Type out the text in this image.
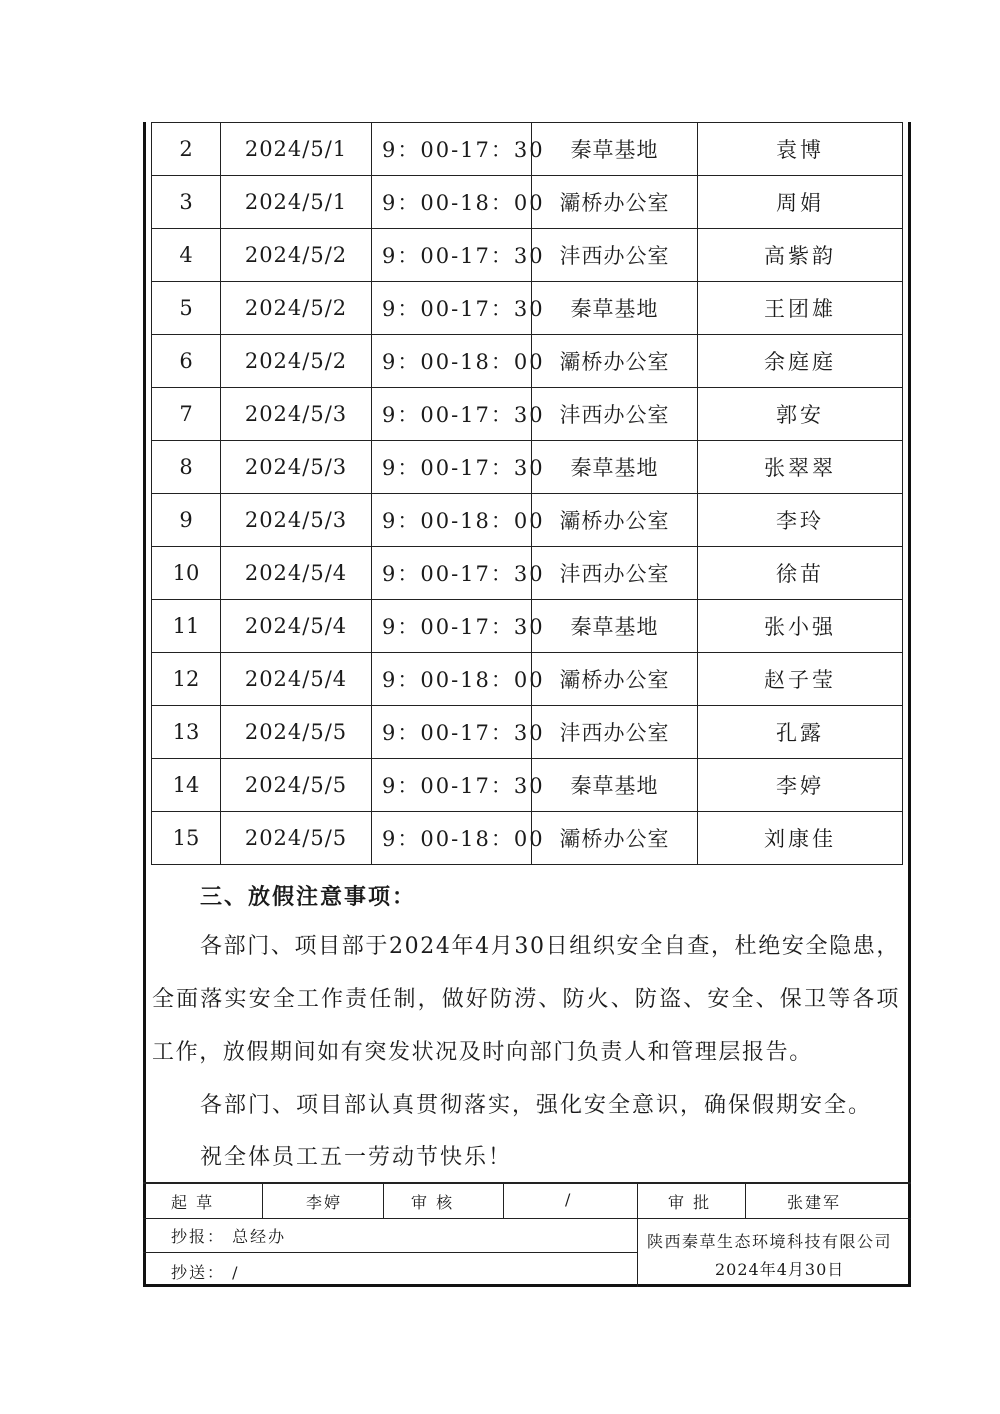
2	2024/5/1	9：00-17：30	秦草基地	袁博
3	2024/5/1	9：00-18：00	灞桥办公室	周娟
4	2024/5/2	9：00-17：30	沣西办公室	高紫韵
5	2024/5/2	9：00-17：30	秦草基地	王团雄
6	2024/5/2	9：00-18：00	灞桥办公室	余庭庭
7	2024/5/3	9：00-17：30	沣西办公室	郭安
8	2024/5/3	9：00-17：30	秦草基地	张翠翠
9	2024/5/3	9：00-18：00	灞桥办公室	李玲
10	2024/5/4	9：00-17：30	沣西办公室	徐苗
11	2024/5/4	9：00-17：30	秦草基地	张小强
12	2024/5/4	9：00-18：00	灞桥办公室	赵子莹
13	2024/5/5	9：00-17：30	沣西办公室	孔露
14	2024/5/5	9：00-17：30	秦草基地	李婷
15	2024/5/5	9：00-18：00	灞桥办公室	刘康佳
三、放假注意事项：
各部门、项目部于2024年4月30日组织安全自查，杜绝安全隐患，全面落实安全工作责任制，做好防涝、防火、防盗、安全、保卫等各项工作，放假期间如有突发状况及时向部门负责人和管理层报告。
各部门、项目部认真贯彻落实，强化安全意识，确保假期安全。
祝全体员工五一劳动节快乐！
起 草	李婷	审 核	/	审 批	张建军
抄报： 总经办
抄送： /
陕西秦草生态环境科技有限公司
2024年4月30日
